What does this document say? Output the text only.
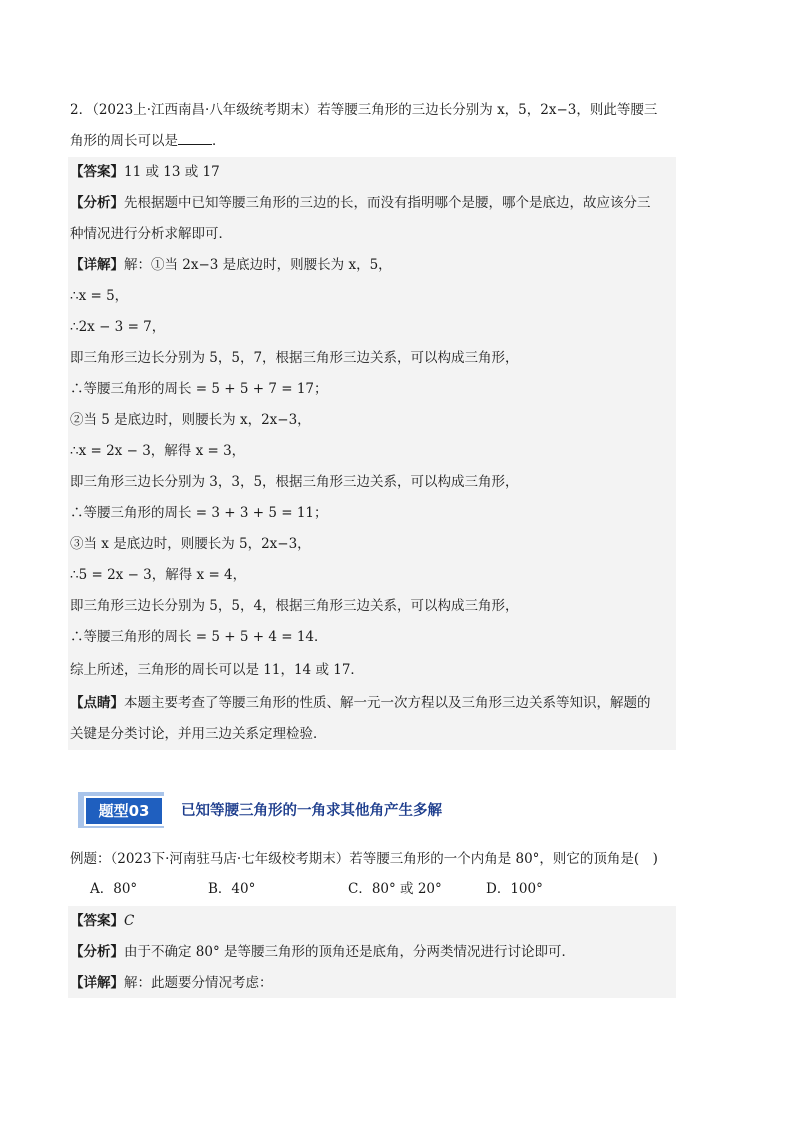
2．（2023上·江西南昌·八年级统考期末）若等腰三角形的三边长分别为 x，5，2x−3，则此等腰三
角形的周长可以是	．
【答案】11 或 13 或 17
【分析】先根据题中已知等腰三角形的三边的长，而没有指明哪个是腰，哪个是底边，故应该分三
种情况进行分析求解即可．
【详解】解：①当 2x−3 是底边时，则腰长为 x，5，
∴x = 5，
∴2x − 3 = 7，
即三角形三边长分别为 5，5，7，根据三角形三边关系，可以构成三角形，
∴等腰三角形的周长 = 5 + 5 + 7 = 17；
②当 5 是底边时，则腰长为 x，2x−3，
∴x = 2x − 3，解得 x = 3，
即三角形三边长分别为 3，3，5，根据三角形三边关系，可以构成三角形，
∴等腰三角形的周长 = 3 + 3 + 5 = 11；
③当 x 是底边时，则腰长为 5，2x−3，
∴5 = 2x − 3，解得 x = 4，
即三角形三边长分别为 5，5，4，根据三角形三边关系，可以构成三角形，
∴等腰三角形的周长 = 5 + 5 + 4 = 14．
综上所述，三角形的周长可以是 11，14 或 17．
【点睛】本题主要考查了等腰三角形的性质、解一元一次方程以及三角形三边关系等知识，解题的
关键是分类讨论，并用三边关系定理检验．
题型03	已知等腰三角形的一角求其他角产生多解
例题：（2023下·河南驻马店·七年级校考期末）若等腰三角形的一个内角是 80°，则它的顶角是(　)
A．80°	B．40°	C．80° 或 20°	D．100°
【答案】C
【分析】由于不确定 80° 是等腰三角形的顶角还是底角，分两类情况进行讨论即可．
【详解】解：此题要分情况考虑：
